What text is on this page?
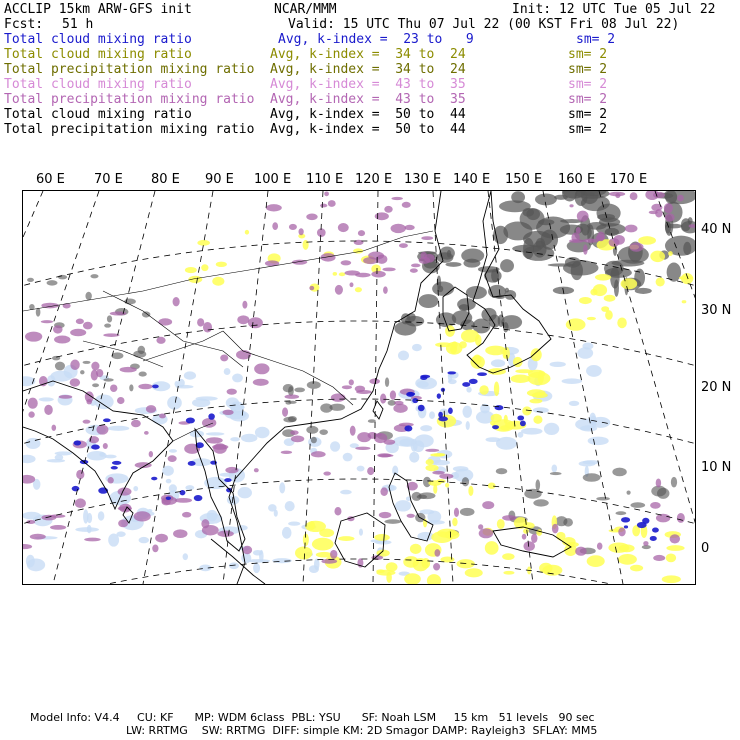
ACCLIP 15km ARW-GFS init	NCAR/MMM	Init: 12 UTC Tue 05 Jul 22
Fcst: 51 h	Valid: 15 UTC Thu 07 Jul 22 (00 KST Fri 08 Jul 22)
Total cloud mixing ratio	Avg, k-index =  23 to   9	sm= 2
Total cloud mixing ratio	Avg, k-index =  34 to  24	sm= 2
Total precipitation mixing ratio Avg, k-index =  34 to  24	sm= 2
Total cloud mixing ratio	Avg, k-index =  43 to  35	sm= 2
Total precipitation mixing ratio Avg, k-index =  43 to  35	sm= 2
Total cloud mixing ratio	Avg, k-index =  50 to  44	sm= 2
Total precipitation mixing ratio Avg, k-index =  50 to  44	sm= 2
60 E 70 E 80 E 90 E 100 E 110 E 120 E 130 E 140 E 150 E 160 E 170 E
40 N
30 N
20 N
10 N
0
Model Info: V4.4     CU: KF      MP: WDM 6class  PBL: YSU      SF: Noah LSM     15 km   51 levels   90 sec
LW: RRTMG    SW: RRTMG  DIFF: simple KM: 2D Smagor DAMP: Rayleigh3  SFLAY: MM5
